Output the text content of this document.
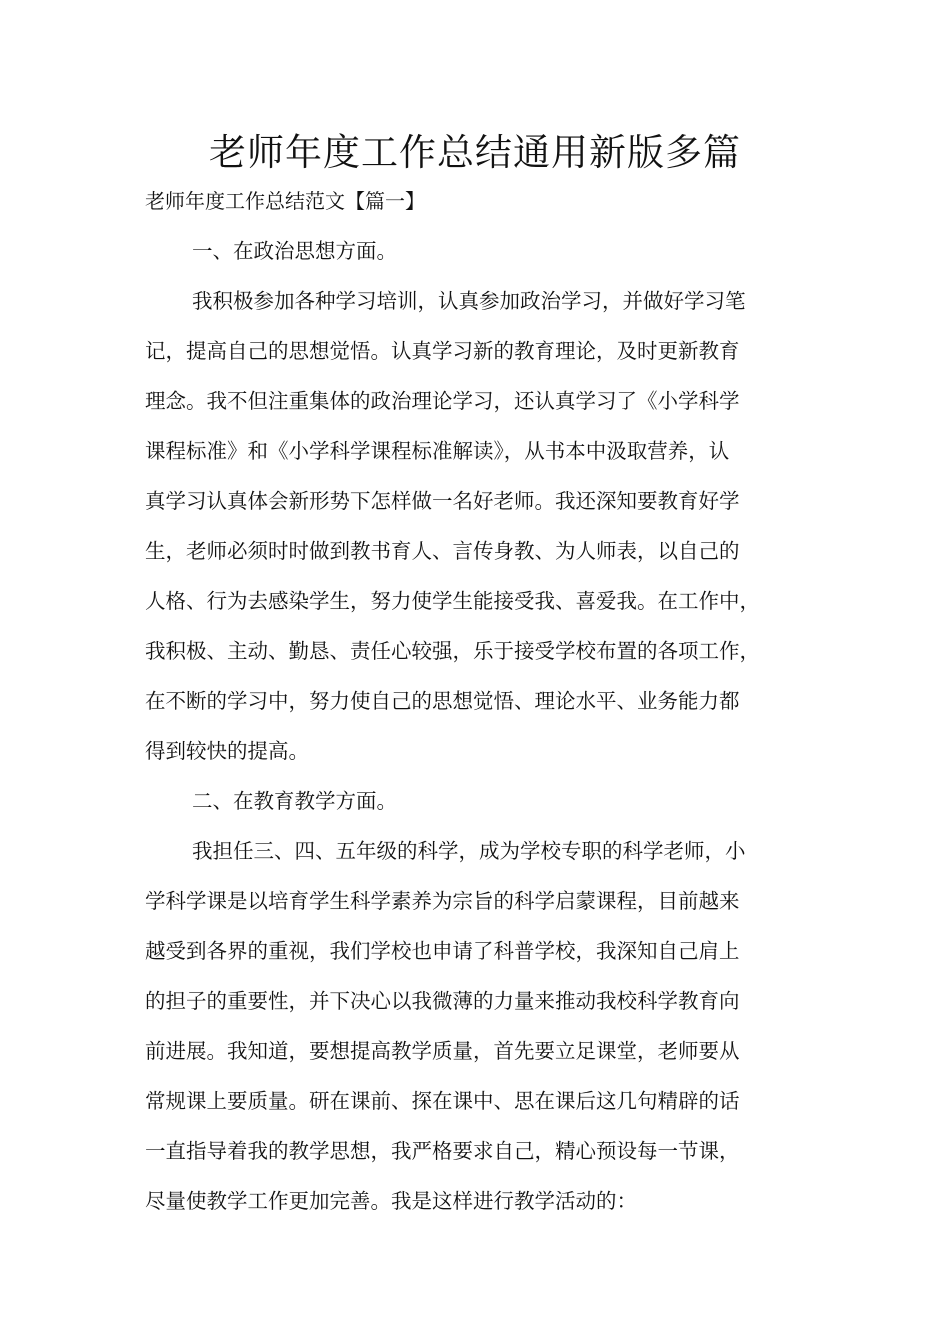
老师年度工作总结通用新版多篇

老师年度工作总结范文【篇一】

一、在政治思想方面。

我积极参加各种学习培训，认真参加政治学习，并做好学习笔

记，提高自己的思想觉悟。认真学习新的教育理论，及时更新教育

理念。我不但注重集体的政治理论学习，还认真学习了《小学科学

课程标准》和《小学科学课程标准解读》，从书本中汲取营养，认

真学习认真体会新形势下怎样做一名好老师。我还深知要教育好学

生，老师必须时时做到教书育人、言传身教、为人师表，以自己的

人格、行为去感染学生，努力使学生能接受我、喜爱我。在工作中，

我积极、主动、勤恳、责任心较强，乐于接受学校布置的各项工作，

在不断的学习中，努力使自己的思想觉悟、理论水平、业务能力都

得到较快的提高。

二、在教育教学方面。

我担任三、四、五年级的科学，成为学校专职的科学老师，小

学科学课是以培育学生科学素养为宗旨的科学启蒙课程，目前越来

越受到各界的重视，我们学校也申请了科普学校，我深知自己肩上

的担子的重要性，并下决心以我微薄的力量来推动我校科学教育向

前进展。我知道，要想提高教学质量，首先要立足课堂，老师要从

常规课上要质量。研在课前、探在课中、思在课后这几句精辟的话

一直指导着我的教学思想，我严格要求自己，精心预设每一节课，

尽量使教学工作更加完善。我是这样进行教学活动的：
